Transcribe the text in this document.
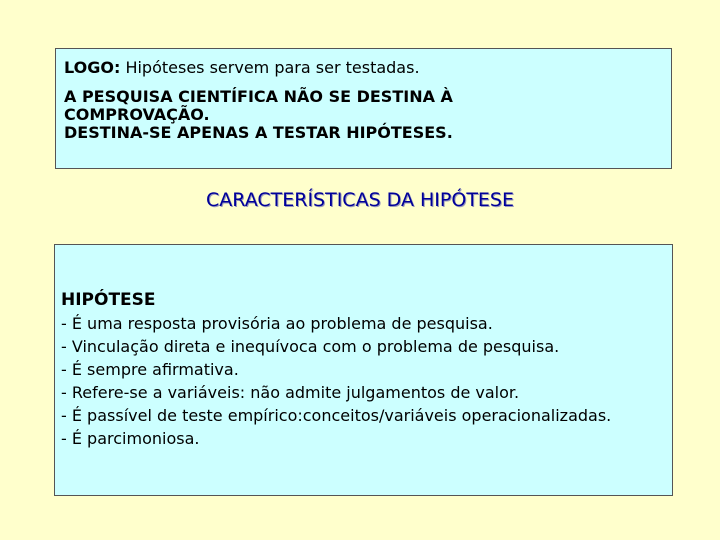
LOGO: Hipóteses servem para ser testadas.

A PESQUISA CIENTÍFICA NÃO SE DESTINA À
COMPROVAÇÃO.
DESTINA-SE APENAS A TESTAR HIPÓTESES.
CARACTERÍSTICAS DA HIPÓTESE
HIPÓTESE
- É uma resposta provisória ao problema de pesquisa.
- Vinculação direta e inequívoca com o problema de pesquisa.
- É sempre afirmativa.
- Refere-se a variáveis: não admite julgamentos de valor.
- É passível de teste empírico:conceitos/variáveis operacionalizadas.
- É parcimoniosa.
